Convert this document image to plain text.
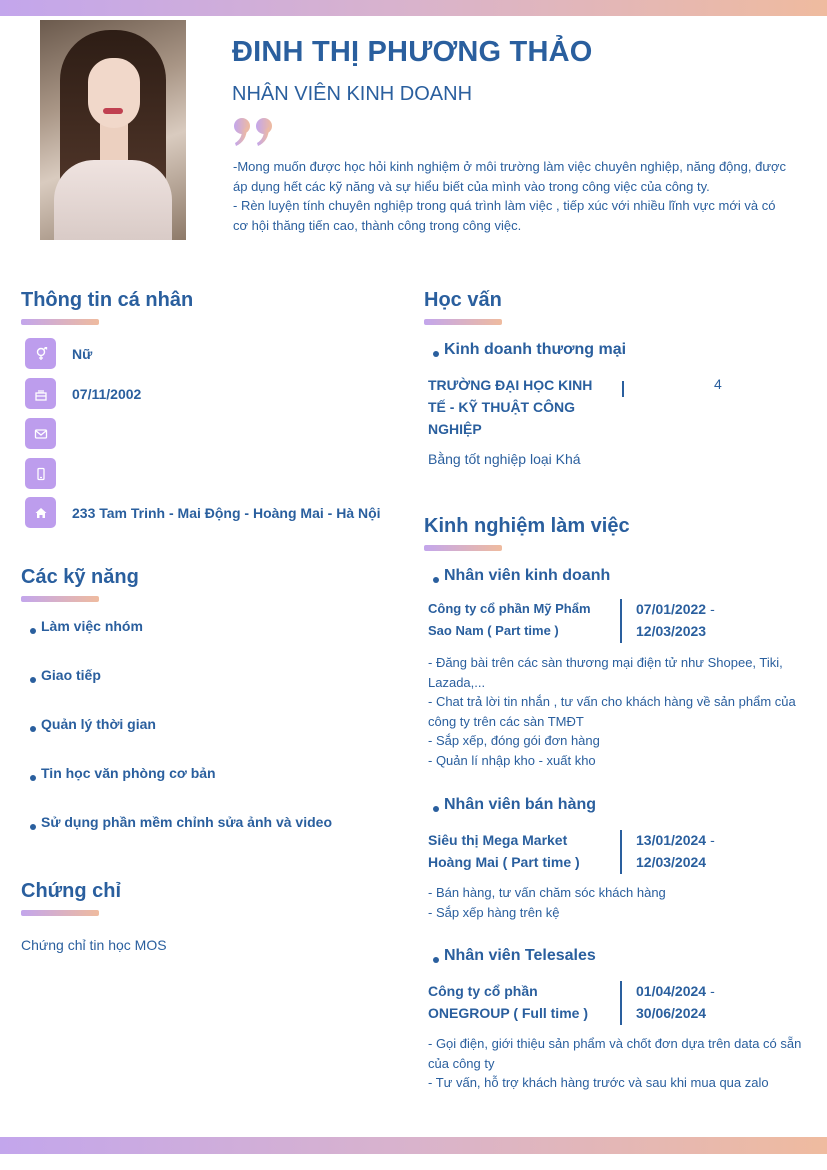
ĐINH THỊ PHƯƠNG THẢO
NHÂN VIÊN KINH DOANH

-Mong muốn được học hỏi kinh nghiệm ở môi trường làm việc chuyên nghiệp, năng động, được áp dụng hết các kỹ năng và sự hiểu biết của mình vào trong công việc của công ty.

- Rèn luyện tính chuyên nghiệp trong quá trình làm việc , tiếp xúc với nhiều lĩnh vực mới và có cơ hội thăng tiến cao, thành công trong công việc.

Thông tin cá nhân
Nữ
07/11/2002
233 Tam Trinh - Mai Động - Hoàng Mai - Hà Nội
Các kỹ năng
Làm việc nhóm
Giao tiếp
Quản lý thời gian
Tin học văn phòng cơ bản
Sử dụng phần mềm chỉnh sửa ảnh và video
Chứng chỉ
Chứng chỉ tin học MOS
Học vấn
Kinh doanh thương mại
TRƯỜNG ĐẠI HỌC KINH
TẾ - KỸ THUẬT CÔNG
NGHIỆP
4
Bằng tốt nghiệp loại Khá
Kinh nghiệm làm việc
Nhân viên kinh doanh
Công ty cổ phần Mỹ Phẩm
Sao Nam ( Part time )
07/01/2022 -
12/03/2023

- Đăng bài trên các sàn thương mại điện tử như Shopee, Tiki, Lazada,...

- Chat trả lời tin nhắn , tư vấn cho khách hàng về sản phẩm của công ty trên các sàn TMĐT

- Sắp xếp, đóng gói đơn hàng

- Quản lí nhập kho - xuất kho

Nhân viên bán hàng
Siêu thị Mega Market
Hoàng Mai ( Part time )
13/01/2024 -
12/03/2024

- Bán hàng, tư vấn chăm sóc khách hàng

- Sắp xếp hàng trên kệ

Nhân viên Telesales
Công ty cổ phần
ONEGROUP ( Full time )
01/04/2024 -
30/06/2024

- Gọi điện, giới thiệu sản phẩm và chốt đơn dựa trên data có sẵn của công ty

- Tư vấn, hỗ trợ khách hàng trước và sau khi mua qua zalo
